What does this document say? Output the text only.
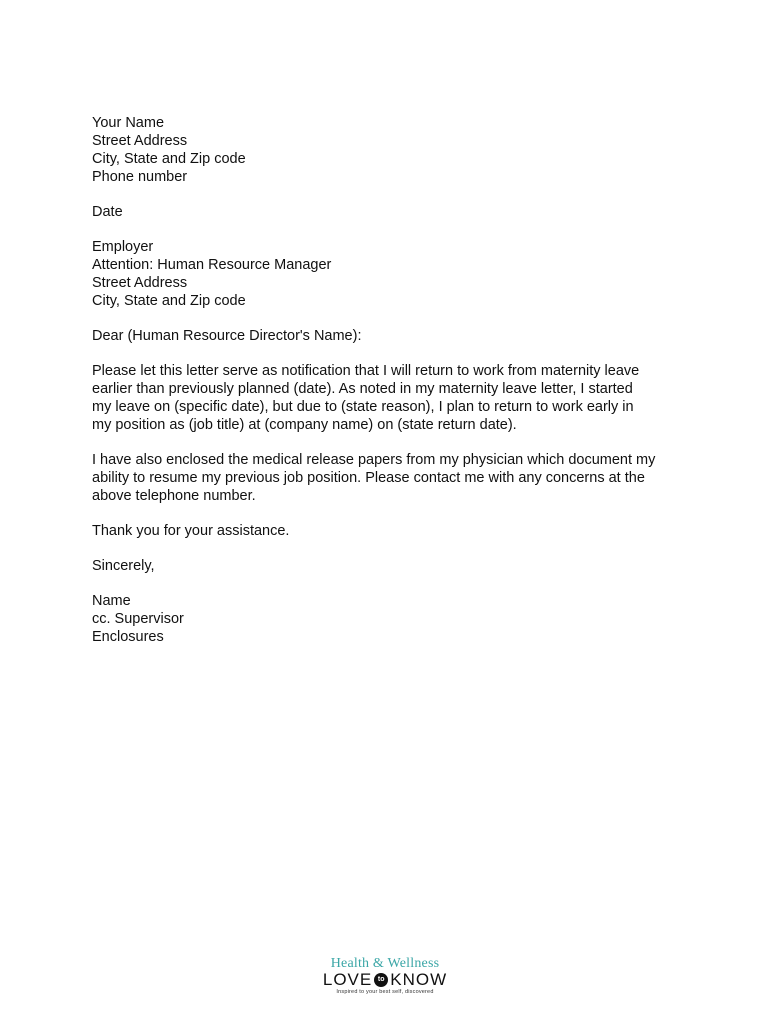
Your Name
Street Address
City, State and Zip code
Phone number
Date
Employer
Attention: Human Resource Manager
Street Address
City, State and Zip code
Dear (Human Resource Director's Name):
Please let this letter serve as notification that I will return to work from maternity leave
earlier than previously planned (date). As noted in my maternity leave letter, I started
my leave on (specific date), but due to (state reason), I plan to return to work early in
my position as (job title) at (company name) on (state return date).
I have also enclosed the medical release papers from my physician which document my
ability to resume my previous job position. Please contact me with any concerns at the
above telephone number.
Thank you for your assistance.
Sincerely,
Name
cc. Supervisor
Enclosures
Health & Wellness
LOVE to KNOW
Inspired to your best self, discovered
